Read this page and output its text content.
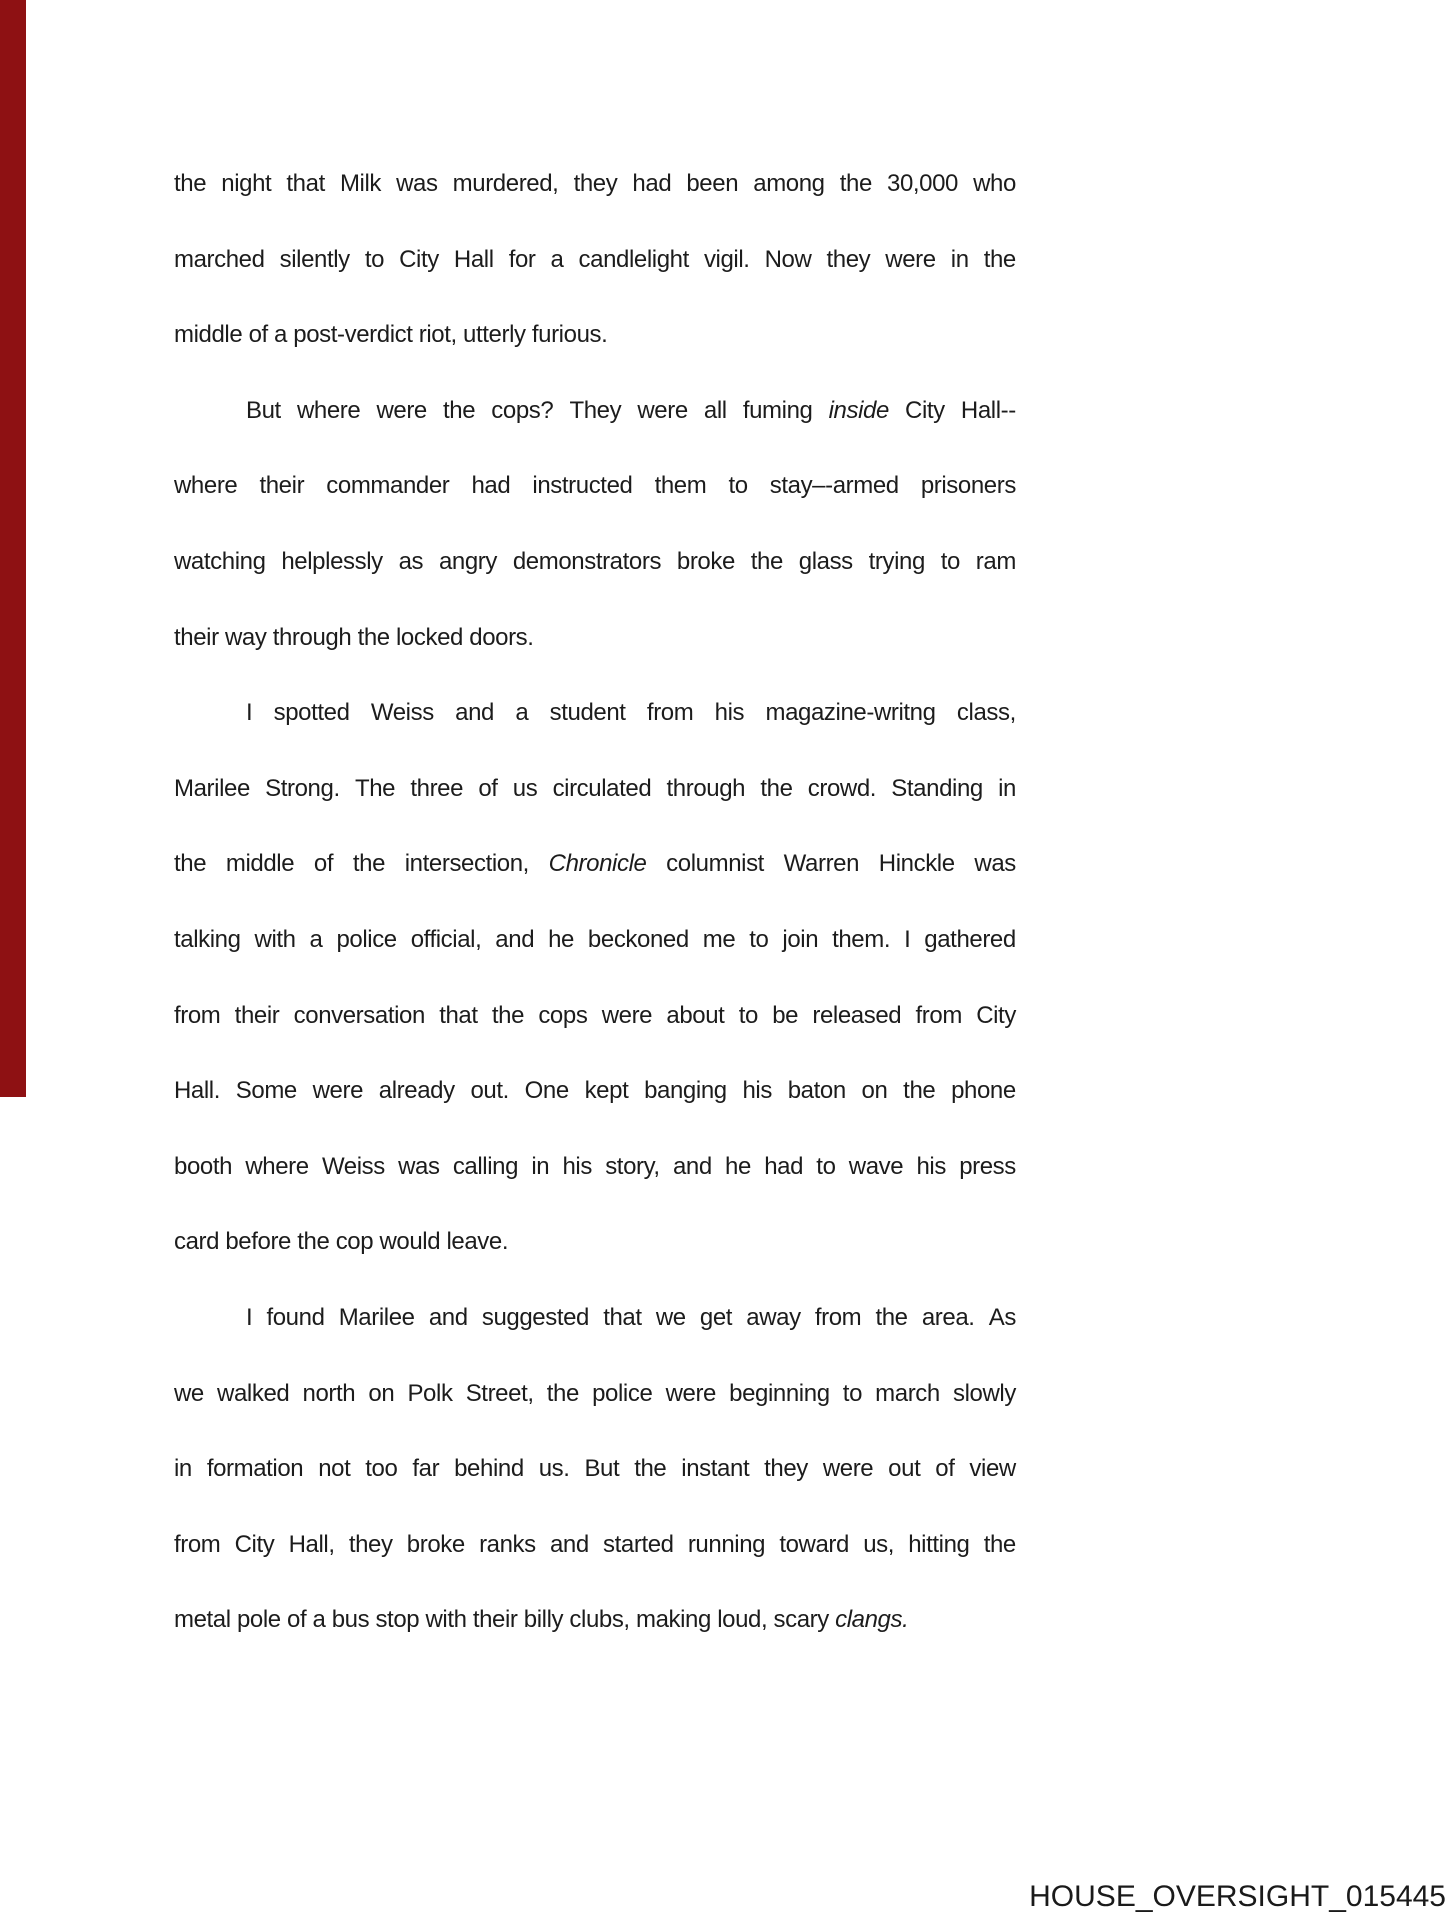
the night that Milk was murdered, they had been among the 30,000 who
marched silently to City Hall for a candlelight vigil. Now they were in the
middle of a post-verdict riot, utterly furious.
But where were the cops? They were all fuming inside City Hall--
where their commander had instructed them to stay–-armed prisoners
watching helplessly as angry demonstrators broke the glass trying to ram
their way through the locked doors.
I spotted Weiss and a student from his magazine-writng class,
Marilee Strong. The three of us circulated through the crowd. Standing in
the middle of the intersection, Chronicle columnist Warren Hinckle was
talking with a police official, and he beckoned me to join them. I gathered
from their conversation that the cops were about to be released from City
Hall. Some were already out. One kept banging his baton on the phone
booth where Weiss was calling in his story, and he had to wave his press
card before the cop would leave.
I found Marilee and suggested that we get away from the area. As
we walked north on Polk Street, the police were beginning to march slowly
in formation not too far behind us. But the instant they were out of view
from City Hall, they broke ranks and started running toward us, hitting the
metal pole of a bus stop with their billy clubs, making loud, scary clangs.
HOUSE_OVERSIGHT_015445
